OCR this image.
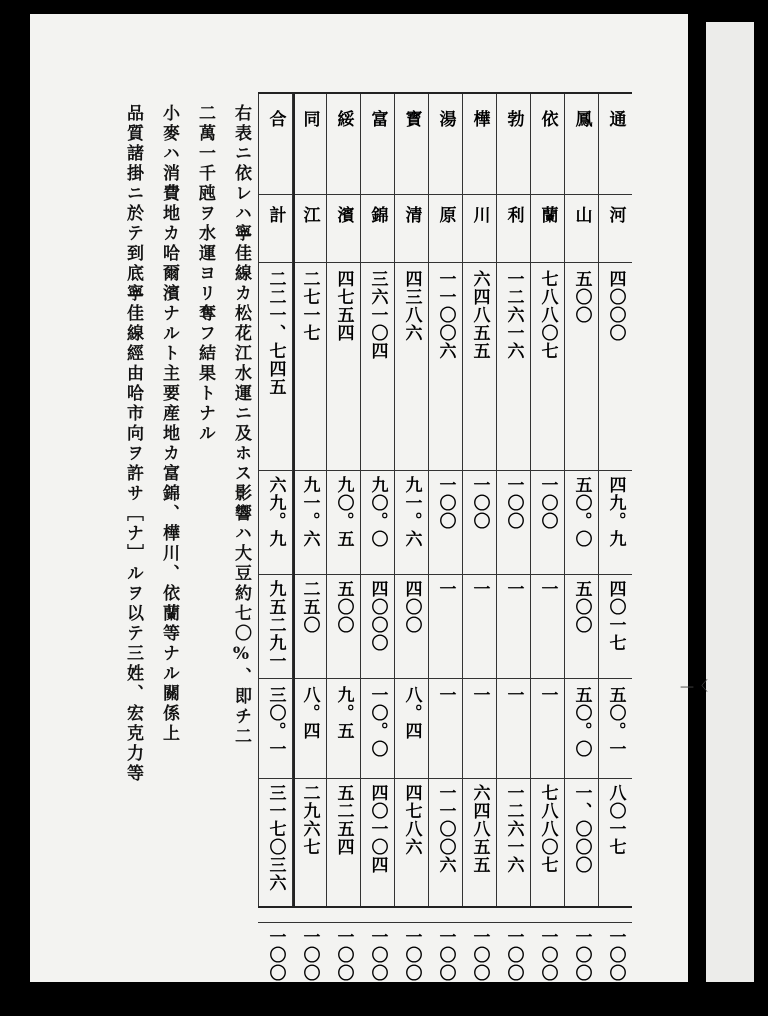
—〈
通
河
四〇〇〇
四九。九
四〇一七
五〇。一
八〇一七
一〇〇
鳳
山
五〇〇
五〇。〇
五〇〇
五〇。〇
一、〇〇〇
一〇〇
依
蘭
七八八〇七
一〇〇
一
一
七八八〇七
一〇〇
勃
利
一二六一六
一〇〇
一
一
一二六一六
一〇〇
樺
川
六四八五五
一〇〇
一
一
六四八五五
一〇〇
湯
原
一一〇〇六
一〇〇
一
一
一一〇〇六
一〇〇
寳
清
四三八六
九一。六
四〇〇
八。四
四七八六
一〇〇
富
錦
三六一〇四
九〇。〇
四〇〇〇
一〇。〇
四〇一〇四
一〇〇
綏
濱
四七五四
九〇。五
五〇〇
九。五
五二五四
一〇〇
同
江
二七一七
九一。六
二五〇
八。四
二九六七
一〇〇
合
計
二二一、七四五
六九。九
九五二九一
三〇。一
三一七〇三六
一〇〇
右表ニ依レハ寧佳線カ松花江水運ニ及ホス影響ハ大豆約七〇%、即チ二
二萬一千瓲ヲ水運ヨリ奪フ結果トナル
小麥ハ消費地カ哈爾濱ナルト主要産地カ富錦、樺川、依蘭等ナル關係上
品質諸掛ニ於テ到底寧佳線經由哈市向ヲ許サ［ナ］ルヲ以テ三姓、宏克力等
